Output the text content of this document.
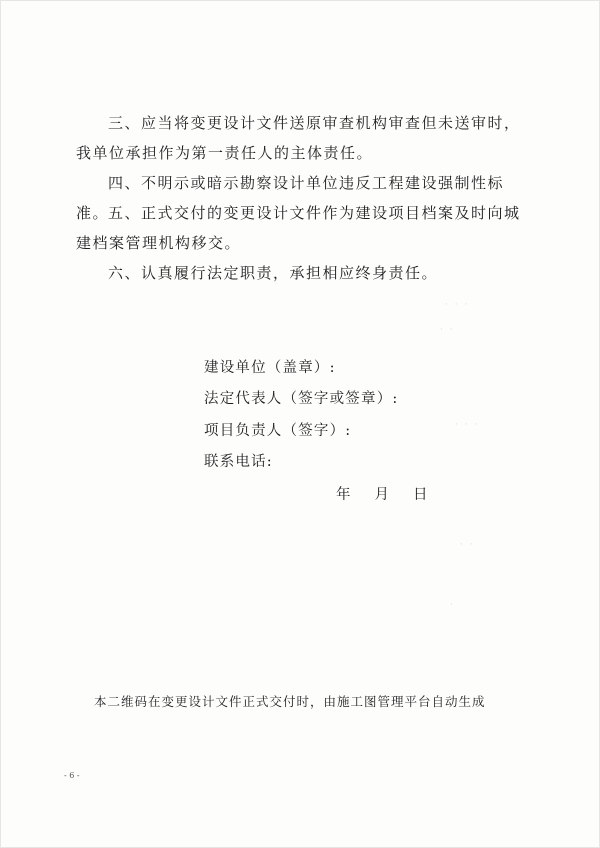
· · ·
· ·
· · ·
· ·
·

三、应当将变更设计文件送原审查机构审查但未送审时，我单位承担作为第一责任人的主体责任。

四、不明示或暗示勘察设计单位违反工程建设强制性标准。

五、正式交付的变更设计文件作为建设项目档案及时向城建档案管理机构移交。

六、认真履行法定职责，承担相应终身责任。

建设单位（盖章）:

法定代表人（签字或签章）:

项目负责人（签字）:

联系电话:

年 月 日

本二维码在变更设计文件正式交付时，由施工图管理平台自动生成

- 6 -
